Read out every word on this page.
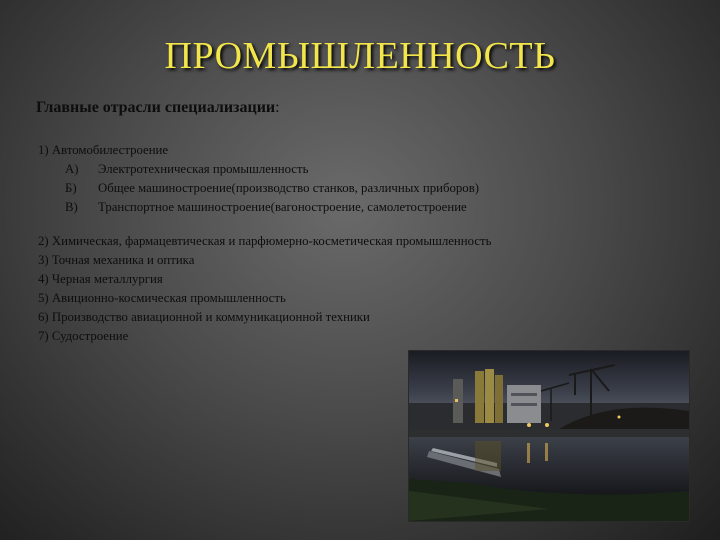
ПРОМЫШЛЕННОСТЬ
Главные отрасли специализации:
1) Автомобилестроение
А)	Электротехническая промышленность
Б)	Общее машиностроение(производство станков, различных приборов)
В)	Транспортное машиностроение(вагоностроение, самолетостроение
2) Химическая, фармацевтическая и парфюмерно-косметическая промышленность
3) Точная механика и оптика
4) Черная металлургия
5) Авиционно-космическая промышленность
6) Производство авиационной и коммуникационной техники
7) Судостроение
